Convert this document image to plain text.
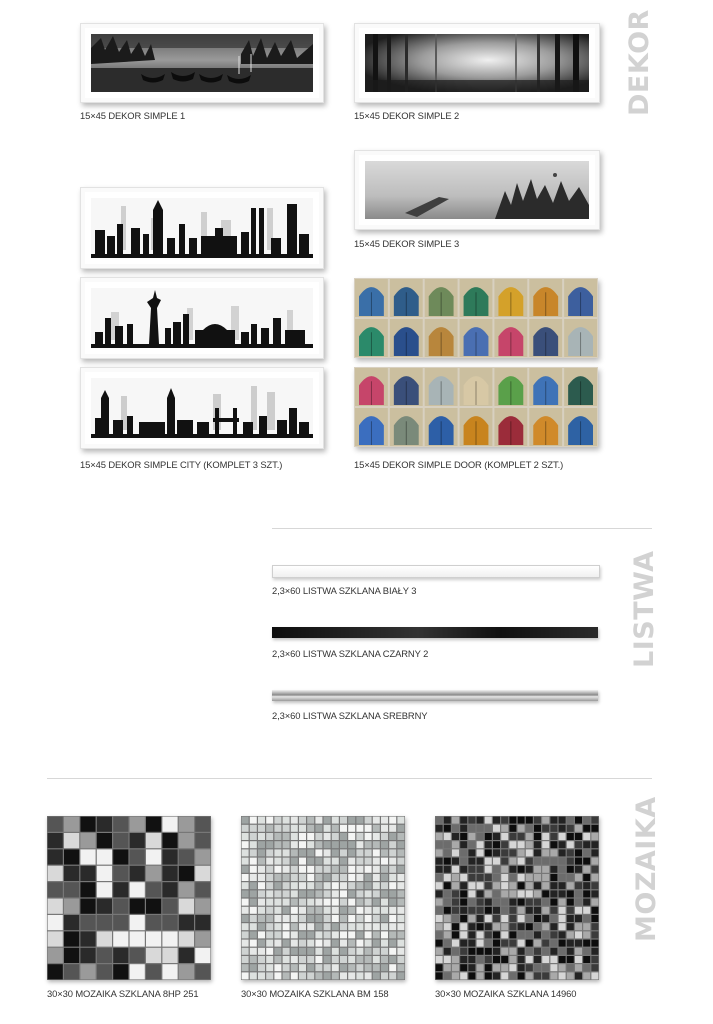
DEKOR
LISTWA
MOZAIKA
15×45 DEKOR SIMPLE 1	15×45 DEKOR SIMPLE 2
15×45 DEKOR SIMPLE 3
15×45 DEKOR SIMPLE CITY (KOMPLET 3 SZT.)	15×45 DEKOR SIMPLE DOOR (KOMPLET 2 SZT.)
2,3×60 LISTWA SZKLANA BIAŁY 3
2,3×60 LISTWA SZKLANA CZARNY 2
2,3×60 LISTWA SZKLANA SREBRNY
30×30 MOZAIKA SZKLANA 8HP 251	30×30 MOZAIKA SZKLANA BM 158	30×30 MOZAIKA SZKLANA 14960
